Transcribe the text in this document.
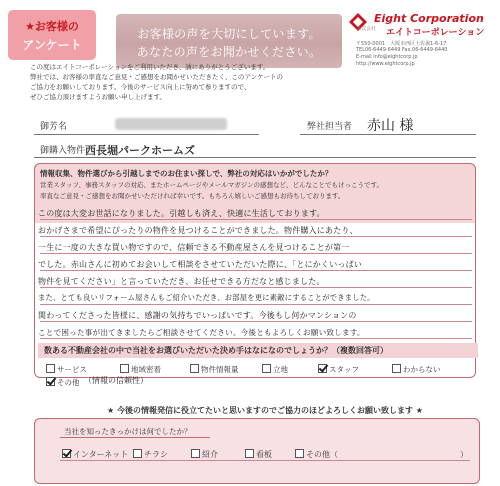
★お客様の
アンケート
お客様の声を大切にしています。
あなたの声をお聞かせください。
Eight Corporation
株式会社 エイトコーポレーション
〒550-0001　大阪市西区土佐堀1-6-17
TEL06-6449-6449 Fax.06-6449-6440
E-mail info@eightcorp.jp
http://www.eightcorp.jp
この度はエイトコーポレーションをご利用いただき、誠にありがとうございます。
弊社では、お客様の率直なご意見・ご感想をお聞かせいただきたく、このアンケートの
ご協力をお願いしております。今後のサービス向上に努めて参りますので、
ぜひご協力頂けますようお願い申し上げます。
御芳名	弊社担当者 赤山 様
御購入物件 西長堀パークホームズ
情報収集、物件選びから引越しまでのお住まい探しで、弊社の対応はいかがでしたか？
営業スタッフ、事務スタッフの対応、またホームページやメールマガジンの感想など、どんなことでもけっこうです。
率直なご意見・ご感想をお聞かせいただければ幸いです。もちろん嬉しいご感想もお待ちしております。
この度は大変お世話になりました。引越しも済え、快適に生活しております。
おかげさまで希望にぴったりの物件を見つけることができました。物件購入にあたり、
一生に一度の大きな買い物ですので、信頼できる不動産屋さんを見つけることが第一
でした。赤山さんに初めてお会いして相談をさせていただいた際に、「とにかくいっぱい
物件を見てください」と言っていただき、お任せできる方だなと感じました。
また、とても良いリフォーム屋さんもご紹介いただき、お部屋を更に素敵にすることができました。
関わってくださった皆様に、感謝の気持ちでいっぱいです。今後もし何かマンションの
ことで困った事が出てきましたらご相談させてください。今後ともよろしくお願い致します。
数ある不動産会社の中で当社をお選びいただいた決め手はなになのでしょうか？（複数回答可）
サービス	地域密着	物件情報量	立地	スタッフ	わからない
その他 （情報の信頼性）
★ 今後の情報発信に役立てたいと思いますのでご協力のほどよろしくお願い致します ★
当社を知ったきっかけは何でしたか？
インターネット	チラシ	紹介	看板	その他（	）
